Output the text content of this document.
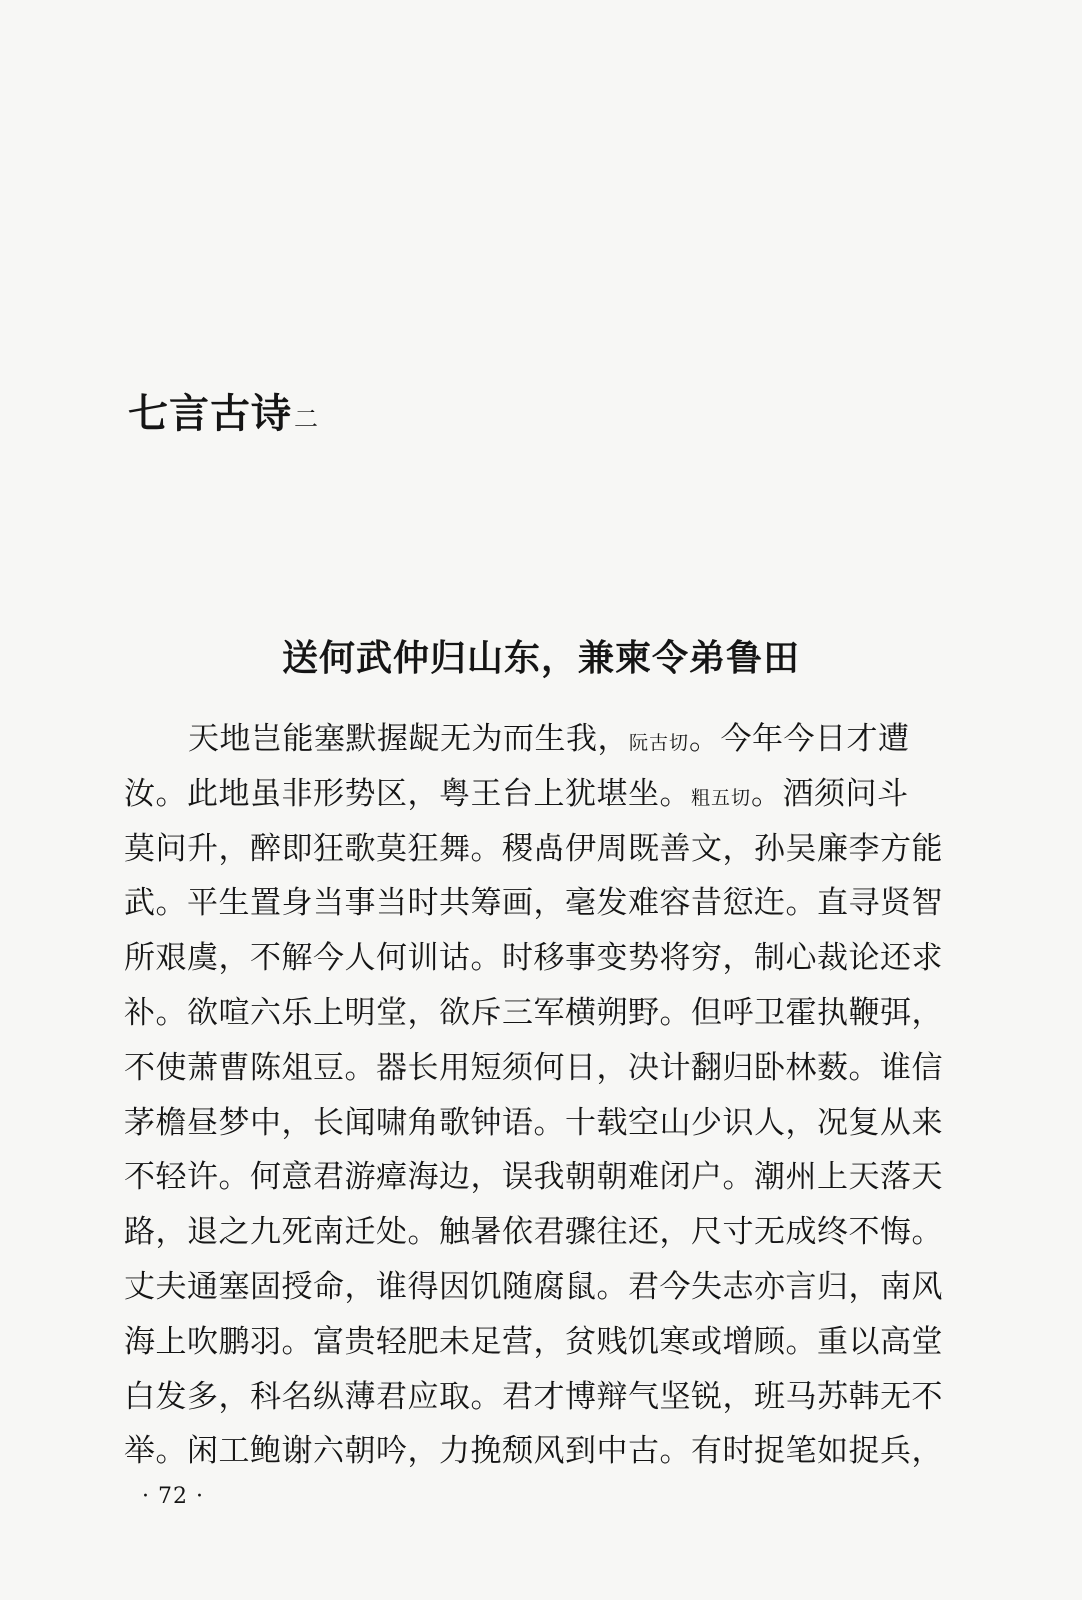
七言古诗二
送何武仲归山东，兼柬令弟鲁田
天地岂能塞默握龊无为而生我，阮古切。今年今日才遭
汝。此地虽非形势区，粤王台上犹堪坐。粗五切。酒须问斗
莫问升，醉即狂歌莫狂舞。稷卨伊周既善文，孙吴廉李方能
武。平生置身当事当时共筹画，毫发难容昔愆迕。直寻贤智
所艰虞，不解今人何训诂。时移事变势将穷，制心裁论还求
补。欲喧六乐上明堂，欲斥三军横朔野。但呼卫霍执鞭弭，
不使萧曹陈俎豆。器长用短须何日，决计翻归卧林薮。谁信
茅檐昼梦中，长闻啸角歌钟语。十载空山少识人，况复从来
不轻许。何意君游瘴海边，误我朝朝难闭户。潮州上天落天
路，退之九死南迁处。触暑依君骤往还，尺寸无成终不悔。
丈夫通塞固授命，谁得因饥随腐鼠。君今失志亦言归，南风
海上吹鹏羽。富贵轻肥未足营，贫贱饥寒或增顾。重以高堂
白发多，科名纵薄君应取。君才博辩气坚锐，班马苏韩无不
举。闲工鲍谢六朝吟，力挽颓风到中古。有时捉笔如捉兵，
· 72 ·
